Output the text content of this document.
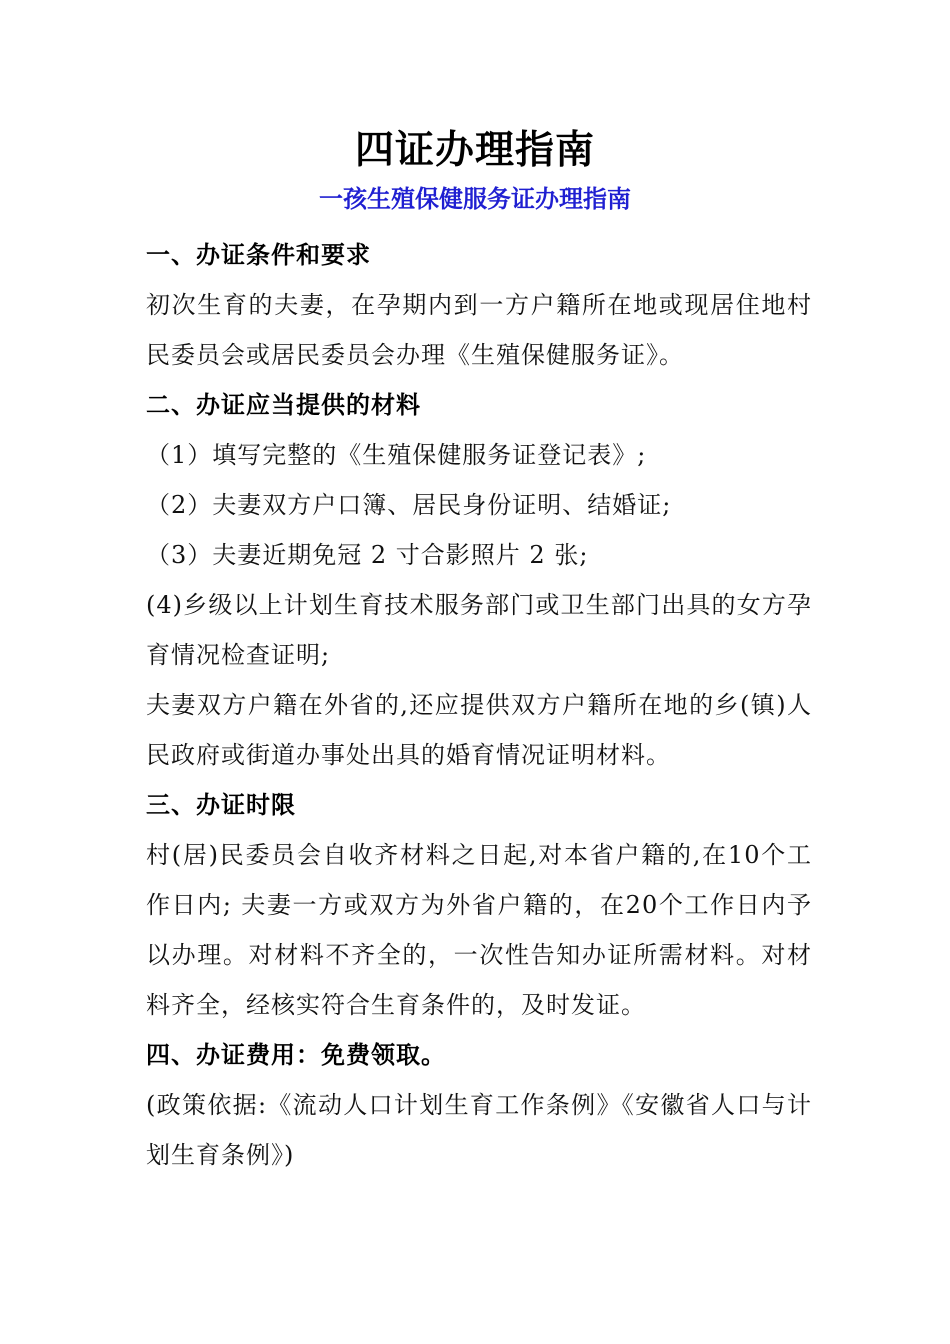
四证办理指南
一孩生殖保健服务证办理指南
一、办证条件和要求
初次生育的夫妻，在孕期内到一方户籍所在地或现居住地村民委员会或居民委员会办理《生殖保健服务证》。
二、办证应当提供的材料
（1）填写完整的《生殖保健服务证登记表》;
（2）夫妻双方户口簿、居民身份证明、结婚证;
（3）夫妻近期免冠 2 寸合影照片 2 张;
(4)乡级以上计划生育技术服务部门或卫生部门出具的女方孕育情况检查证明;
夫妻双方户籍在外省的,还应提供双方户籍所在地的乡(镇)人民政府或街道办事处出具的婚育情况证明材料。
三、办证时限
村(居)民委员会自收齐材料之日起,对本省户籍的,在10个工作日内; 夫妻一方或双方为外省户籍的，在20个工作日内予以办理。对材料不齐全的，一次性告知办证所需材料。对材料齐全，经核实符合生育条件的，及时发证。
四、办证费用：免费领取。
(政策依据:《流动人口计划生育工作条例》《安徽省人口与计划生育条例》)
